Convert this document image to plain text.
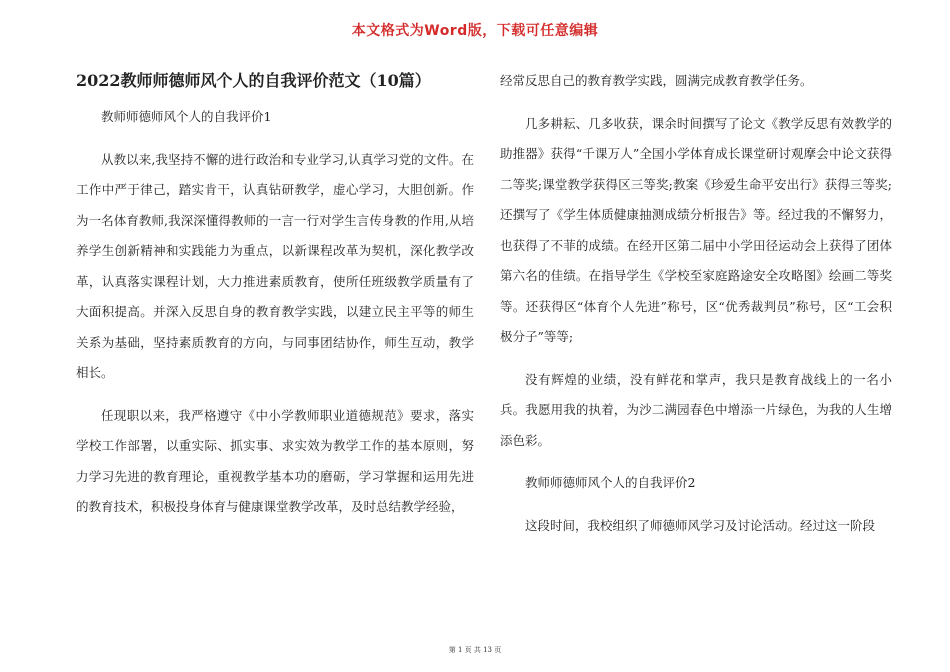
本文格式为Word版，下载可任意编辑
2022教师师德师风个人的自我评价范文（10篇）
教师师德师风个人的自我评价1
从教以来,我坚持不懈的进行政治和专业学习,认真学习党的文件。在工作中严于律己，踏实肯干，认真钻研教学，虚心学习，大胆创新。作为一名体育教师,我深深懂得教师的一言一行对学生言传身教的作用,从培养学生创新精神和实践能力为重点，以新课程改革为契机，深化教学改革，认真落实课程计划，大力推进素质教育，使所任班级教学质量有了大面积提高。并深入反思自身的教育教学实践，以建立民主平等的师生关系为基础，坚持素质教育的方向，与同事团结协作，师生互动，教学相长。
任现职以来，我严格遵守《中小学教师职业道德规范》要求，落实学校工作部署，以重实际、抓实事、求实效为教学工作的基本原则，努力学习先进的教育理论，重视教学基本功的磨砺，学习掌握和运用先进的教育技术，积极投身体育与健康课堂教学改革，及时总结教学经验，
经常反思自己的教育教学实践，圆满完成教育教学任务。
几多耕耘、几多收获，课余时间撰写了论文《教学反思有效教学的助推器》获得“千课万人”全国小学体育成长课堂研讨观摩会中论文获得二等奖;课堂教学获得区三等奖;教案《珍爱生命平安出行》获得三等奖;还撰写了《学生体质健康抽测成绩分析报告》等。经过我的不懈努力，也获得了不菲的成绩。在经开区第二届中小学田径运动会上获得了团体第六名的佳绩。在指导学生《学校至家庭路途安全攻略图》绘画二等奖等。还获得区“体育个人先进”称号，区“优秀裁判员”称号，区“工会积极分子”等等;
没有辉煌的业绩，没有鲜花和掌声，我只是教育战线上的一名小兵。我愿用我的执着，为沙二满园春色中增添一片绿色，为我的人生增添色彩。
教师师德师风个人的自我评价2
这段时间，我校组织了师德师风学习及讨论活动。经过这一阶段
第 1 页 共 13 页
